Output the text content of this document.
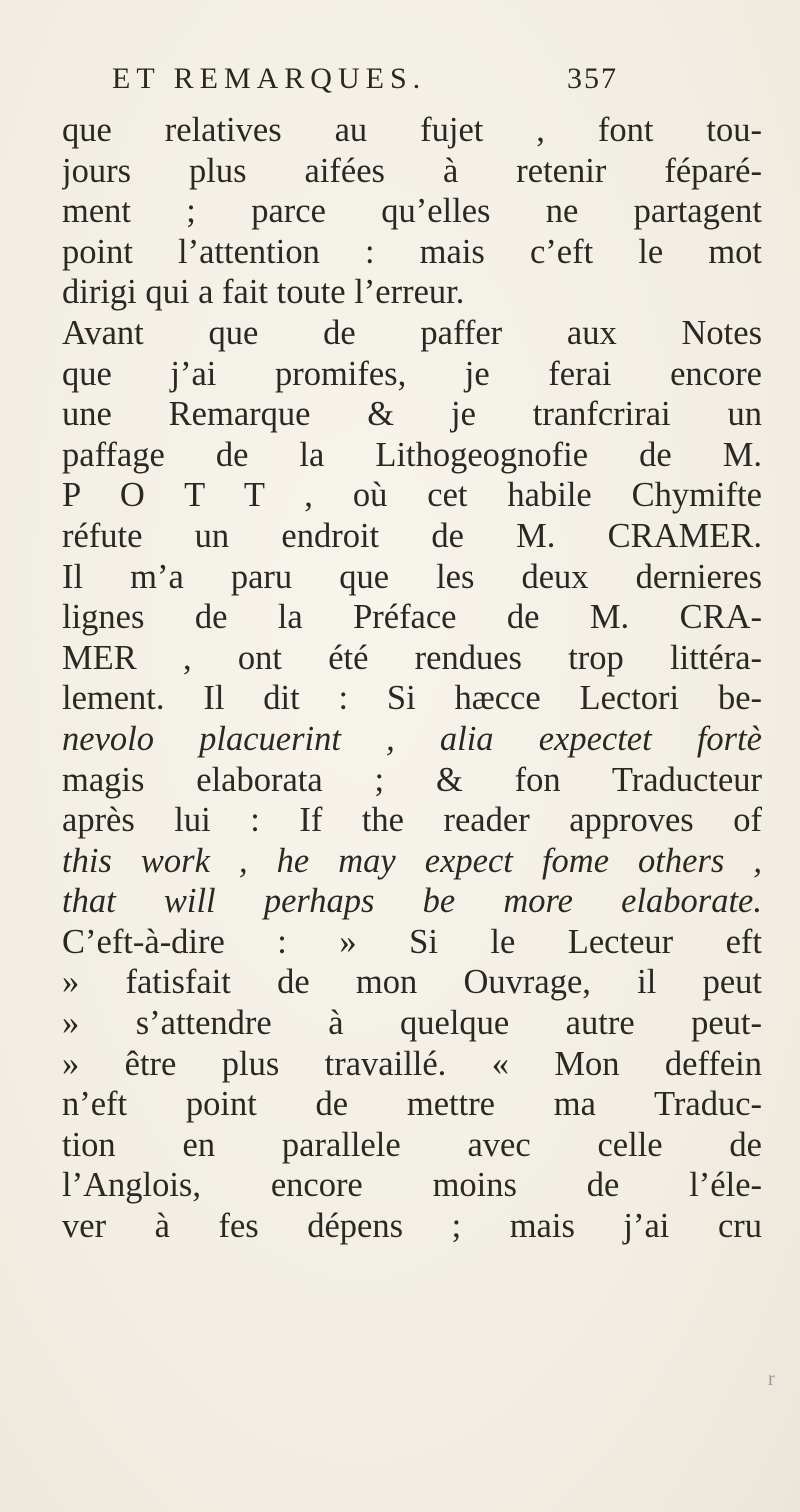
ET REMARQUES.	357
que relatives au fujet , font tou-
jours plus aifées à retenir féparé-
ment ; parce qu’elles ne partagent
point l’attention : mais c’eft le mot
dirigi qui a fait toute l’erreur.
Avant que de paffer aux Notes
que j’ai promifes, je ferai encore
une Remarque & je tranfcrirai un
paffage de la Lithogeognofie de M.
P O T T , où cet habile Chymifte
réfute un endroit de M. CRAMER.
Il m’a paru que les deux dernieres
lignes de la Préface de M. CRA-
MER , ont été rendues trop littéra-
lement. Il dit : Si hæcce Lectori be-
nevolo placuerint , alia expectet fortè
magis elaborata ; & fon Traducteur
après lui : If the reader approves of
this work , he may expect fome others ,
that will perhaps be more elaborate.
C’eft-à-dire : » Si le Lecteur eft
» fatisfait de mon Ouvrage, il peut
» s’attendre à quelque autre peut-
» être plus travaillé. « Mon deffein
n’eft point de mettre ma Traduc-
tion en parallele avec celle de
l’Anglois, encore moins de l’éle-
ver à fes dépens ; mais j’ai cru
r
